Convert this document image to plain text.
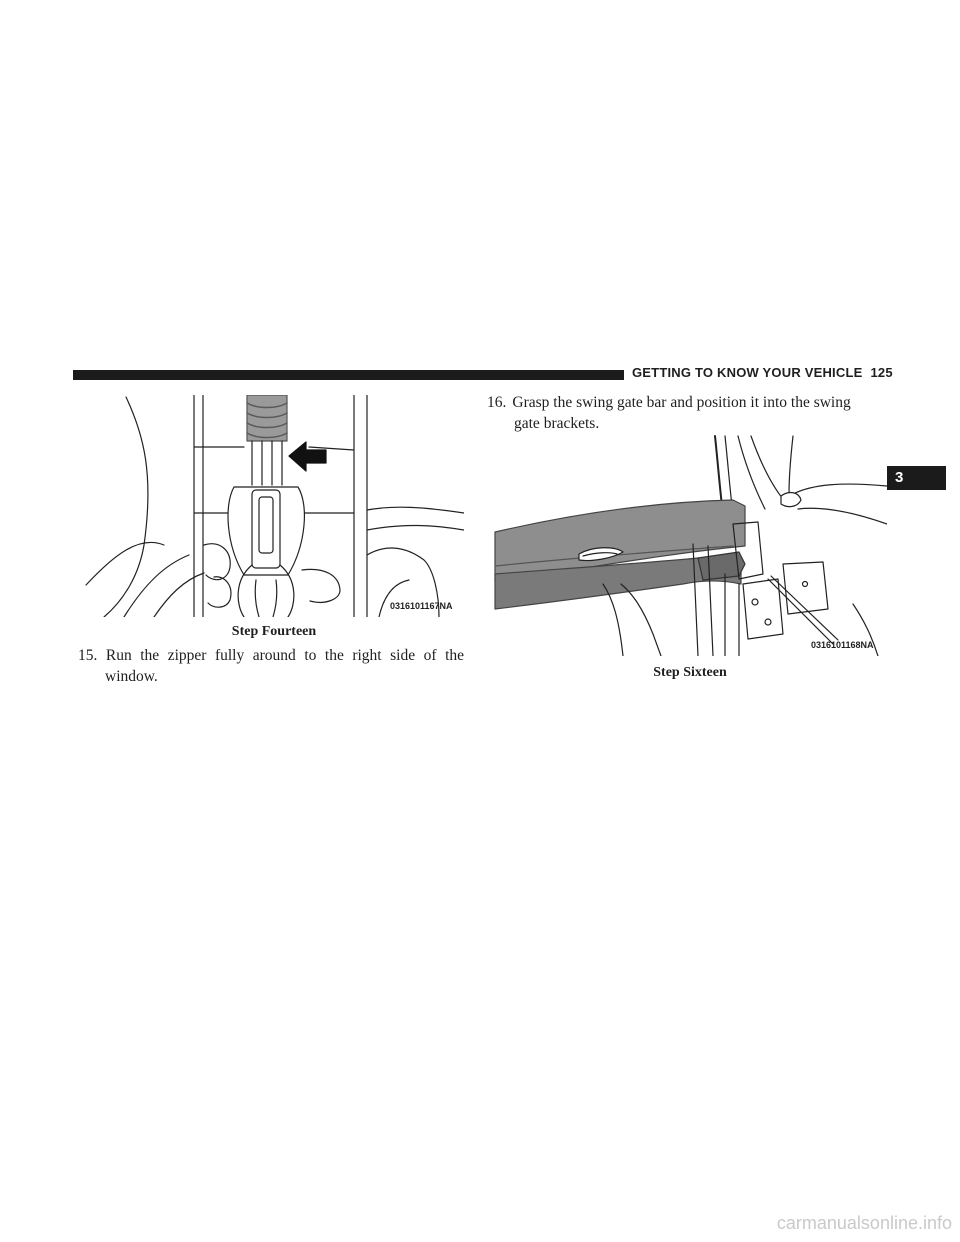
GETTING TO KNOW YOUR VEHICLE 125
3
0316101167NA
Step Fourteen
15. Run the zipper fully around to the right side of the
window.
16. Grasp the swing gate bar and position it into the swing
gate brackets.
0316101168NA
Step Sixteen
carmanualsonline.info
